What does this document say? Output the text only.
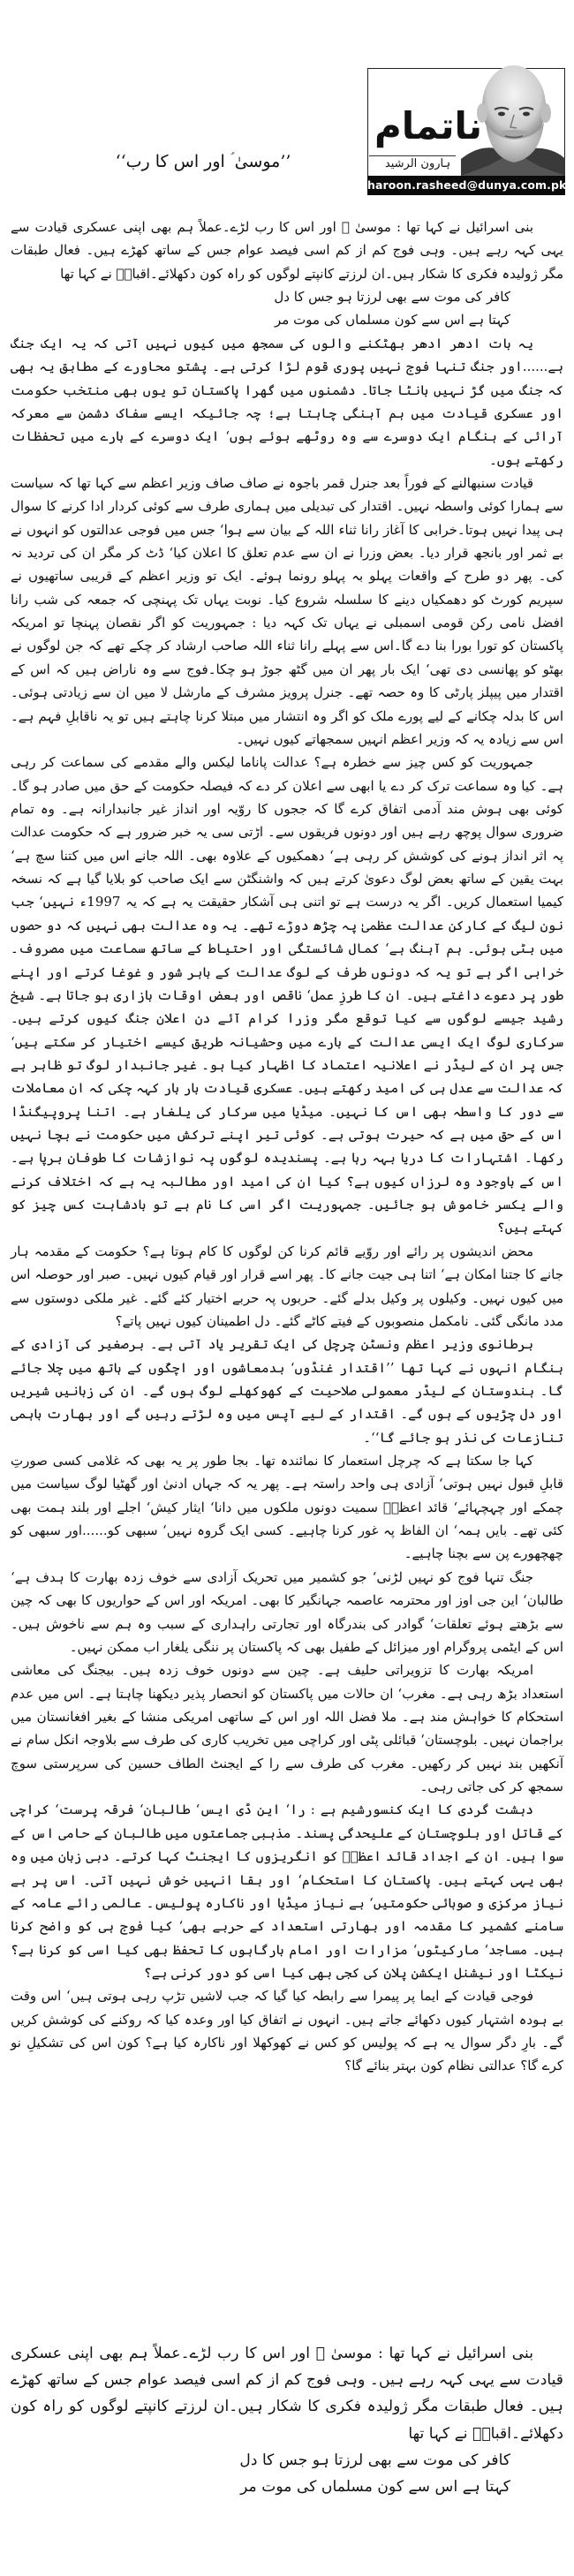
ناتمام
ہارون الرشید
haroon.rasheed@dunya.com.pk
’’موسیٰ ؑ اور اس کا رب‘‘

بنی اسرائیل نے کہا تھا : موسیٰ ؑ اور اس کا رب لڑے۔عملاً ہم بھی اپنی عسکری قیادت سے یہی کہہ رہے ہیں۔ وہی فوج کم از کم اسی فیصد عوام جس کے ساتھ کھڑے ہیں۔ فعال طبقات مگر ژولیدہ فکری کا شکار ہیں۔ان لرزتے کانپتے لوگوں کو راہ کون دکھلائے۔اقبالؔ نے کہا تھا

کافر کی موت سے بھی لرزتا ہو جس کا دل

کہتا ہے اس سے کون مسلماں کی موت مر

یہ بات ادھر ادھر بھٹکنے والوں کی سمجھ میں کیوں نہیں آتی کہ یہ ایک جنگ ہے......اور جنگ تنہا فوج نہیں پوری قوم لڑا کرتی ہے۔ پشتو محاورے کے مطابق یہ بھی کہ جنگ میں گڑ نہیں بانٹا جاتا۔ دشمنوں میں گھرا پاکستان تو یوں بھی منتخب حکومت اور عسکری قیادت میں ہم آہنگی چاہتا ہے؛ چہ جائیکہ ایسے سفاک دشمن سے معرکہ آرائی کے ہنگام ایک دوسرے سے وہ روٹھے ہوئے ہوں‘ ایک دوسرے کے بارے میں تحفظات رکھتے ہوں۔

قیادت سنبھالنے کے فوراً بعد جنرل قمر باجوہ نے صاف صاف وزیر اعظم سے کہا تھا کہ سیاست سے ہمارا کوئی واسطہ نہیں۔ اقتدار کی تبدیلی میں ہماری طرف سے کوئی کردار ادا کرنے کا سوال ہی پیدا نہیں ہوتا۔خرابی کا آغاز رانا ثناء اللہ کے بیان سے ہوا‘ جس میں فوجی عدالتوں کو انہوں نے بے ثمر اور بانجھ قرار دیا۔ بعض وزرا نے ان سے عدم تعلق کا اعلان کیا‘ ڈٹ کر مگر ان کی تردید نہ کی۔ پھر دو طرح کے واقعات پہلو بہ پہلو رونما ہوئے۔ ایک تو وزیر اعظم کے قریبی ساتھیوں نے سپریم کورٹ کو دھمکیاں دینے کا سلسلہ شروع کیا۔ نوبت یہاں تک پہنچی کہ جمعہ کی شب رانا افضل نامی رکن قومی اسمبلی نے یہاں تک کہہ دیا : جمہوریت کو اگر نقصان پہنچا تو امریکہ پاکستان کو تورا بورا بنا دے گا۔اس سے پہلے رانا ثناء اللہ صاحب ارشاد کر چکے تھے کہ جن لوگوں نے بھٹو کو پھانسی دی تھی‘ ایک بار پھر ان میں گٹھ جوڑ ہو چکا۔فوج سے وہ ناراض ہیں کہ اس کے اقتدار میں پیپلز پارٹی کا وہ حصہ تھے۔ جنرل پرویز مشرف کے مارشل لا میں ان سے زیادتی ہوئی۔ اس کا بدلہ چکانے کے لیے پورے ملک کو اگر وہ انتشار میں مبتلا کرنا چاہتے ہیں تو یہ ناقابلِ فہم ہے۔اس سے زیادہ یہ کہ وزیر اعظم انہیں سمجھاتے کیوں نہیں۔

جمہوریت کو کس چیز سے خطرہ ہے؟ عدالت پاناما لیکس والے مقدمے کی سماعت کر رہی ہے۔ کیا وہ سماعت ترک کر دے یا ابھی سے اعلان کر دے کہ فیصلہ حکومت کے حق میں صادر ہو گا۔ کوئی بھی ہوش مند آدمی اتفاق کرے گا کہ ججوں کا روّیہ اور انداز غیر جانبدارانہ ہے۔ وہ تمام ضروری سوال پوچھ رہے ہیں اور دونوں فریقوں سے۔ اڑتی سی یہ خبر ضرور ہے کہ حکومت عدالت پہ اثر انداز ہونے کی کوشش کر رہی ہے‘ دھمکیوں کے علاوہ بھی۔ اللہ جانے اس میں کتنا سچ ہے‘ بہت یقین کے ساتھ بعض لوگ دعویٰ کرتے ہیں کہ واشنگٹن سے ایک صاحب کو بلایا گیا ہے کہ نسخہ کیمیا استعمال کریں۔ اگر یہ درست ہے تو اتنی ہی آشکار حقیقت یہ ہے کہ یہ 1997ء نہیں‘ جب نون لیگ کے کارکن عدالت عظمیٰ پہ چڑھ دوڑے تھے۔ یہ وہ عدالت بھی نہیں کہ دو حصوں میں بٹی ہوئی۔ ہم آہنگ ہے‘ کمال شائستگی اور احتیاط کے ساتھ سماعت میں مصروف۔ خرابی اگر ہے تو یہ کہ دونوں طرف کے لوگ عدالت کے باہر شور و غوغا کرتے اور اپنے طور پر دعوے داغتے ہیں۔ ان کا طرزِ عمل‘ ناقص اور بعض اوقات بازاری ہو جاتا ہے۔ شیخ رشید جیسے لوگوں سے کیا توقع مگر وزرا کرام آئے دن اعلانِ جنگ کیوں کرتے ہیں۔ سرکاری لوگ ایک ایسی عدالت کے بارے میں وحشیانہ طریق کیسے اختیار کر سکتے ہیں‘ جس پر ان کے لیڈر نے اعلانیہ اعتماد کا اظہار کیا ہو۔ غیر جانبدار لوگ تو ظاہر ہے کہ عدالت سے عدل ہی کی امید رکھتے ہیں۔ عسکری قیادت بار بار کہہ چکی کہ ان معاملات سے دور کا واسطہ بھی اس کا نہیں۔ میڈیا میں سرکار کی یلغار ہے۔ اتنا پروپیگنڈا اس کے حق میں ہے کہ حیرت ہوتی ہے۔ کوئی تیر اپنے ترکش میں حکومت نے بچا نہیں رکھا۔ اشتہارات کا دریا بہہ رہا ہے۔ پسندیدہ لوگوں پہ نوازشات کا طوفان برپا ہے۔ اس کے باوجود وہ لرزاں کیوں ہے؟ کیا ان کی امید اور مطالبہ یہ ہے کہ اختلاف کرنے والے یکسر خاموش ہو جائیں۔ جمہوریت اگر اسی کا نام ہے تو بادشاہت کس چیز کو کہتے ہیں؟

محض اندیشوں پر رائے اور روّیے قائم کرنا کن لوگوں کا کام ہوتا ہے؟ حکومت کے مقدمہ ہار جانے کا جتنا امکان ہے‘ اتنا ہی جیت جانے کا۔ پھر اسے قرار اور قیام کیوں نہیں۔ صبر اور حوصلہ اس میں کیوں نہیں۔ وکیلوں پر وکیل بدلے گئے۔ حربوں پہ حربے اختیار کئے گئے۔ غیر ملکی دوستوں سے مدد مانگی گئی۔ نامکمل منصوبوں کے فیتے کاٹے گئے۔ دل اطمینان کیوں نہیں پاتے؟

برطانوی وزیر اعظم ونسٹن چرچل کی ایک تقریر یاد آتی ہے۔ برصغیر کی آزادی کے ہنگام انہوں نے کہا تھا ’’اقتدار غنڈوں‘ بدمعاشوں اور اچکّوں کے ہاتھ میں چلا جائے گا۔ ہندوستان کے لیڈر معمولی صلاحیت کے کھوکھلے لوگ ہوں گے۔ ان کی زبانیں شیریں اور دل چڑیوں کے ہوں گے۔ اقتدار کے لیے آپس میں وہ لڑتے رہیں گے اور بھارت باہمی تنازعات کی نذر ہو جائے گا‘‘۔

کہا جا سکتا ہے کہ چرچل استعمار کا نمائندہ تھا۔ بجا طور پر یہ بھی کہ غلامی کسی صورتِ قابلِ قبول نہیں ہوتی‘ آزادی ہی واحد راستہ ہے۔ پھر یہ کہ جہاں ادنیٰ اور گھٹیا لوگ سیاست میں چمکے اور چہچہائے‘ قائد اعظمؒ سمیت دونوں ملکوں میں دانا‘ ایثار کیش‘ اجلے اور بلند ہمت بھی کئی تھے۔ بایں ہمہ‘ ان الفاظ پہ غور کرنا چاہیے۔ کسی ایک گروہ نہیں‘ سبھی کو......اور سبھی کو چھچھورے پن سے بچنا چاہیے۔

جنگ تنہا فوج کو نہیں لڑنی‘ جو کشمیر میں تحریک آزادی سے خوف زدہ بھارت کا ہدف ہے‘ طالبان‘ این جی اوز اور محترمہ عاصمہ جہانگیر کا بھی۔ امریکہ اور اس کے حواریوں کا بھی کہ چین سے بڑھتے ہوئے تعلقات‘ گوادر کی بندرگاہ اور تجارتی راہداری کے سبب وہ ہم سے ناخوش ہیں۔ اس کے ایٹمی پروگرام اور میزائل کے طفیل بھی کہ پاکستان پر ننگی یلغار اب ممکن نہیں۔

امریکہ بھارت کا تزویراتی حلیف ہے۔ چین سے دونوں خوف زدہ ہیں۔ بیجنگ کی معاشی استعداد بڑھ رہی ہے۔ مغرب‘ ان حالات میں پاکستان کو انحصار پذیر دیکھنا چاہتا ہے۔ اس میں عدم استحکام کا خواہش مند ہے۔ ملا فضل اللہ اور اس کے ساتھی امریکی منشا کے بغیر افغانستان میں براجمان نہیں۔ بلوچستان‘ قبائلی پٹی اور کراچی میں تخریب کاری کی طرف سے بلاوجہ انکل سام نے آنکھیں بند نہیں کر رکھیں۔ مغرب کی طرف سے را کے ایجنٹ الطاف حسین کی سرپرستی سوچ سمجھ کر کی جاتی رہی۔

دہشت گردی کا ایک کنسورشیم ہے : را‘ این ڈی ایس‘ طالبان‘ فرقہ پرست‘ کراچی کے قاتل اور بلوچستان کے علیحدگی پسند۔ مذہبی جماعتوں میں طالبان کے حامی اس کے سوا ہیں۔ ان کے اجداد قائد اعظمؒ کو انگریزوں کا ایجنٹ کہا کرتے۔ دبی زبان میں وہ بھی یہی کہتے ہیں۔ پاکستان کا استحکام‘ اور بقا انہیں خوش نہیں آتی۔ اس پر بے نیاز مرکزی و صوبائی حکومتیں‘ بے نیاز میڈیا اور ناکارہ پولیس۔ عالمی رائے عامہ کے سامنے کشمیر کا مقدمہ اور بھارتی استعداد کے حربے بھی‘ کیا فوج ہی کو واضح کرنا ہیں۔ مساجد‘ مارکیٹوں‘ مزارات اور امام بارگاہوں کا تحفظ بھی کیا اسی کو کرنا ہے؟ نیکٹا اور نیشنل ایکشن پلان کی کجی بھی کیا اسی کو دور کرنی ہے؟

فوجی قیادت کے ایما پر پیمرا سے رابطہ کیا گیا کہ جب لاشیں تڑپ رہی ہوتی ہیں‘ اس وقت بے ہودہ اشتہار کیوں دکھائے جاتے ہیں۔ انہوں نے اتفاق کیا اور وعدہ کیا کہ روکنے کی کوشش کریں گے۔ بارِ دگر سوال یہ ہے کہ پولیس کو کس نے کھوکھلا اور ناکارہ کیا ہے؟ کون اس کی تشکیلِ نو کرے گا؟ عدالتی نظام کون بہتر بنائے گا؟

بنی اسرائیل نے کہا تھا : موسیٰ ؑ اور اس کا رب لڑے۔عملاً ہم بھی اپنی عسکری قیادت سے یہی کہہ رہے ہیں۔ وہی فوج کم از کم اسی فیصد عوام جس کے ساتھ کھڑے ہیں۔ فعال طبقات مگر ژولیدہ فکری کا شکار ہیں۔ان لرزتے کانپتے لوگوں کو راہ کون دکھلائے۔اقبالؔ نے کہا تھا

کافر کی موت سے بھی لرزتا ہو جس کا دل

کہتا ہے اس سے کون مسلماں کی موت مر
